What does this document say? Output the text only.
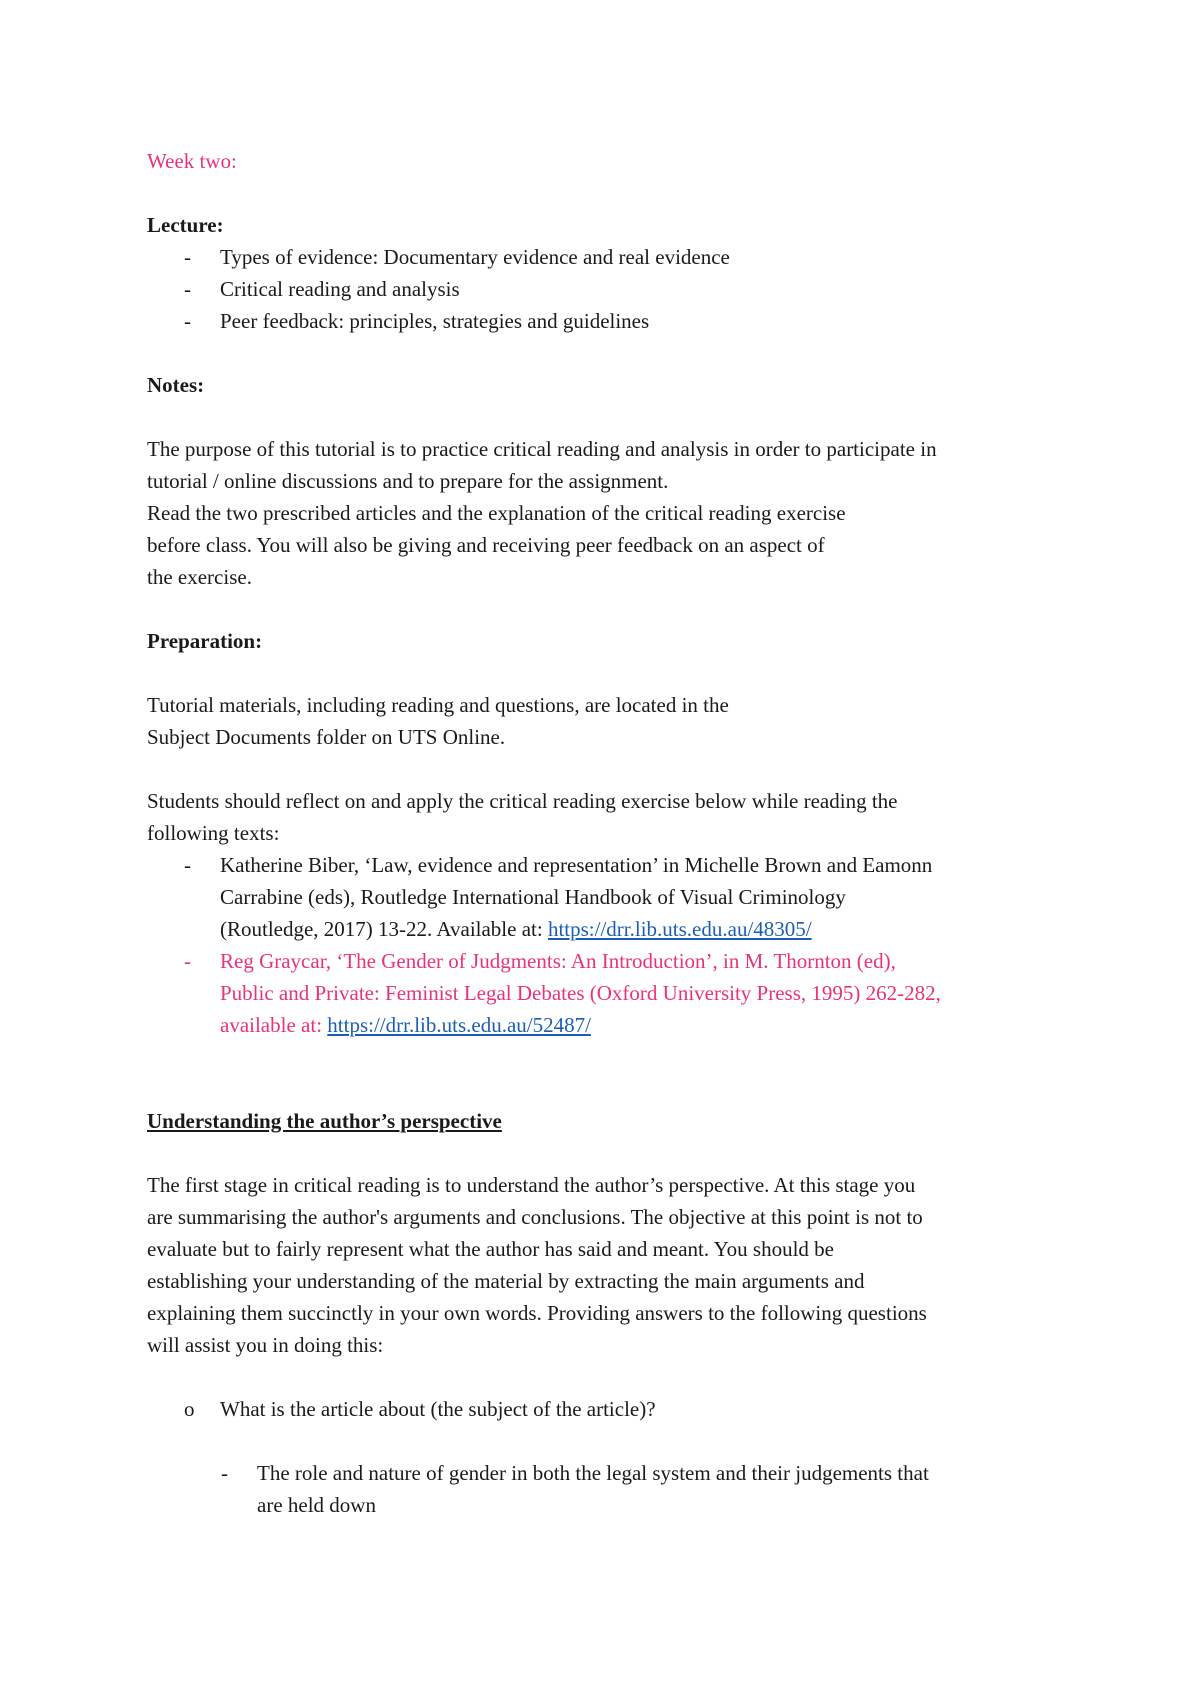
Week two:
Lecture:
- Types of evidence: Documentary evidence and real evidence
- Critical reading and analysis
- Peer feedback: principles, strategies and guidelines
Notes:
The purpose of this tutorial is to practice critical reading and analysis in order to participate in
tutorial / online discussions and to prepare for the assignment.
Read the two prescribed articles and the explanation of the critical reading exercise
before class. You will also be giving and receiving peer feedback on an aspect of
the exercise.
Preparation:
Tutorial materials, including reading and questions, are located in the
Subject Documents folder on UTS Online.
Students should reflect on and apply the critical reading exercise below while reading the
following texts:
- Katherine Biber, ‘Law, evidence and representation’ in Michelle Brown and Eamonn
Carrabine (eds), Routledge International Handbook of Visual Criminology
(Routledge, 2017) 13-22. Available at: https://drr.lib.uts.edu.au/48305/
- Reg Graycar, ‘The Gender of Judgments: An Introduction’, in M. Thornton (ed),
Public and Private: Feminist Legal Debates (Oxford University Press, 1995) 262-282,
available at: https://drr.lib.uts.edu.au/52487/
Understanding the author’s perspective
The first stage in critical reading is to understand the author’s perspective. At this stage you
are summarising the author's arguments and conclusions. The objective at this point is not to
evaluate but to fairly represent what the author has said and meant. You should be
establishing your understanding of the material by extracting the main arguments and
explaining them succinctly in your own words. Providing answers to the following questions
will assist you in doing this:
o What is the article about (the subject of the article)?
- The role and nature of gender in both the legal system and their judgements that
are held down
